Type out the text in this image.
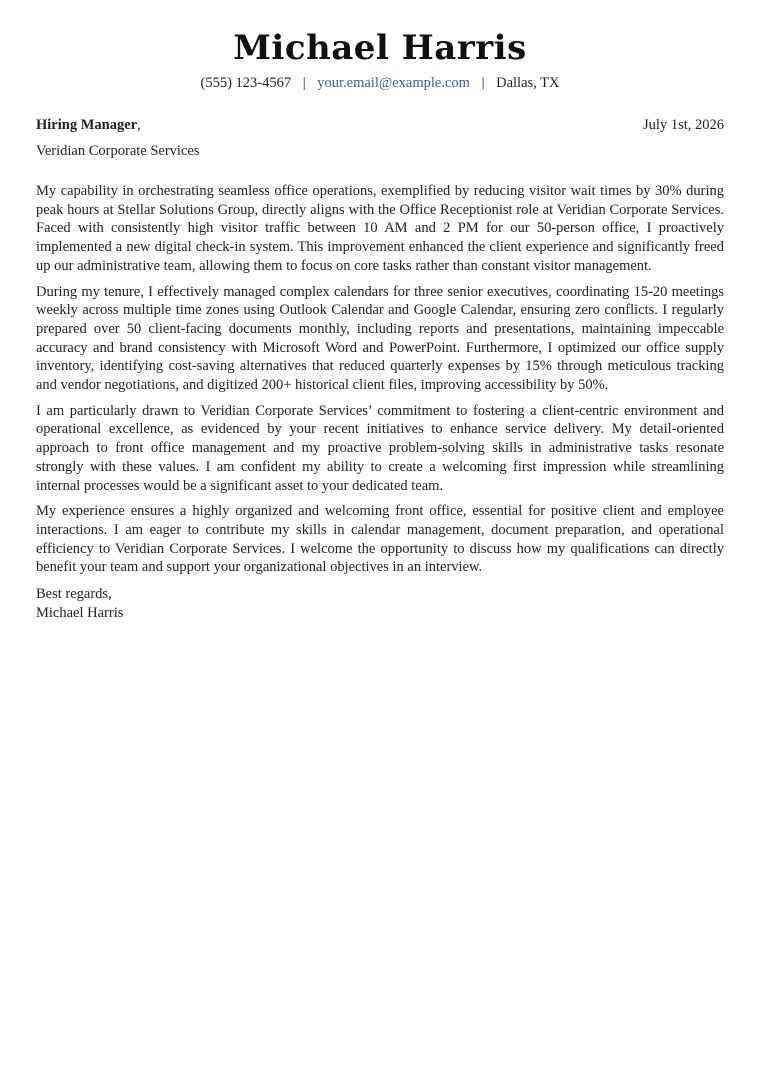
Michael Harris
(555) 123-4567 | your.email@example.com | Dallas, TX
Hiring Manager,	July 1st, 2026
Veridian Corporate Services

My capability in orchestrating seamless office operations, exemplified by reducing visitor wait times by 30% during peak hours at Stellar Solutions Group, directly aligns with the Office Receptionist role at Veridian Corporate Services. Faced with consistently high visitor traffic between 10 AM and 2 PM for our 50-person office, I proactively implemented a new digital check-in system. This improvement enhanced the client experience and significantly freed up our administrative team, allowing them to focus on core tasks rather than constant visitor management.

During my tenure, I effectively managed complex calendars for three senior executives, coordinating 15-20 meetings weekly across multiple time zones using Outlook Calendar and Google Calendar, ensuring zero conflicts. I regularly prepared over 50 client-facing documents monthly, including reports and presentations, maintaining impeccable accuracy and brand consistency with Microsoft Word and PowerPoint. Furthermore, I optimized our office supply inventory, identifying cost-saving alternatives that reduced quarterly expenses by 15% through meticulous tracking and vendor negotiations, and digitized 200+ historical client files, improving accessibility by 50%.

I am particularly drawn to Veridian Corporate Services’ commitment to fostering a client-centric environment and operational excellence, as evidenced by your recent initiatives to enhance service delivery. My detail-oriented approach to front office management and my proactive problem-solving skills in administrative tasks resonate strongly with these values. I am confident my ability to create a welcoming first impression while streamlining internal processes would be a significant asset to your dedicated team.

My experience ensures a highly organized and welcoming front office, essential for positive client and employee interactions. I am eager to contribute my skills in calendar management, document preparation, and operational efficiency to Veridian Corporate Services. I welcome the opportunity to discuss how my qualifications can directly benefit your team and support your organizational objectives in an interview.

Best regards,
Michael Harris
